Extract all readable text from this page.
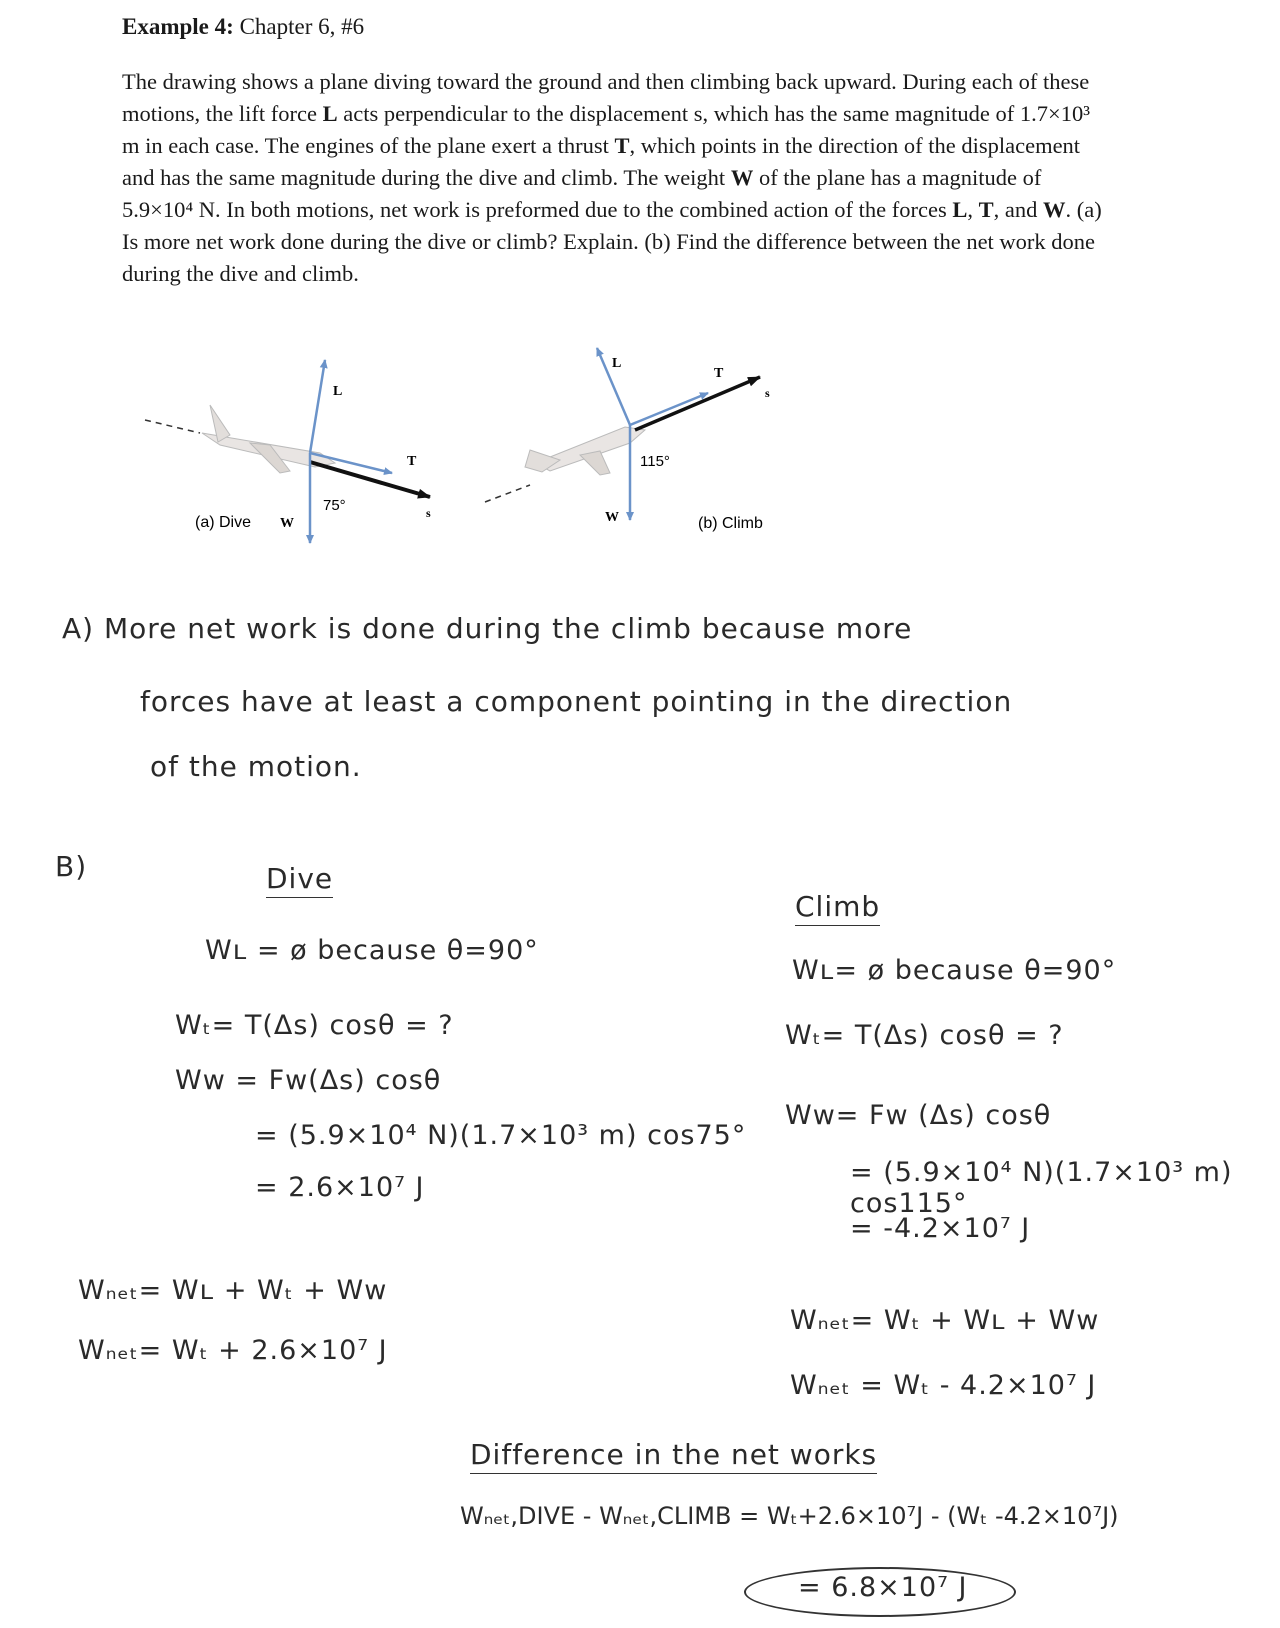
Example 4: Chapter 6, #6

The drawing shows a plane diving toward the ground and then climbing back upward. During each of these motions, the lift force L acts perpendicular to the displacement s, which has the same magnitude of 1.7×10³ m in each case. The engines of the plane exert a thrust T, which points in the direction of the displacement and has the same magnitude during the dive and climb. The weight W of the plane has a magnitude of 5.9×10⁴ N. In both motions, net work is preformed due to the combined action of the forces L, T, and W. (a) Is more net work done during the dive or climb? Explain. (b) Find the difference between the net work done during the dive and climb.

L
T
s
75°
(a) Dive W
L
T
s
115°
W	(b) Climb

A) More net work is done during the climb because more

forces have at least a component pointing in the direction

of the motion.

B)	Dive

Wʟ = ø because θ=90°

Wₜ= T(Δs) cosθ = ?

Wᴡ = Fᴡ(Δs) cosθ

= (5.9×10⁴ N)(1.7×10³ m) cos75°

= 2.6×10⁷ J

Wₙₑₜ= Wʟ + Wₜ + Wᴡ

Wₙₑₜ= Wₜ + 2.6×10⁷ J

Climb

Wʟ= ø because θ=90°

Wₜ= T(Δs) cosθ = ?

Wᴡ= Fᴡ (Δs) cosθ

= (5.9×10⁴ N)(1.7×10³ m) cos115°

= -4.2×10⁷ J

Wₙₑₜ= Wₜ + Wʟ + Wᴡ

Wₙₑₜ = Wₜ - 4.2×10⁷ J

Difference in the net works

Wₙₑₜ,DIVE - Wₙₑₜ,CLIMB = Wₜ+2.6×10⁷J - (Wₜ -4.2×10⁷J)

= 6.8×10⁷ J
